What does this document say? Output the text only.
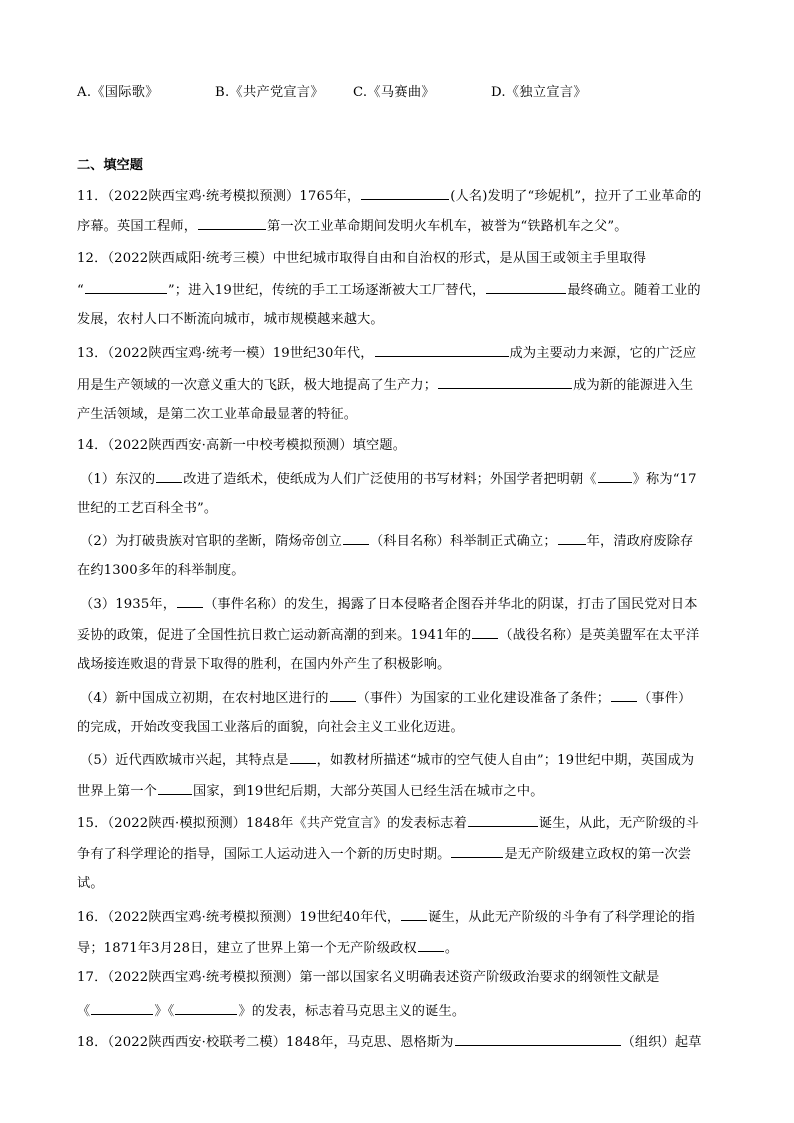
A.《国际歌》	B.《共产党宣言》 C.《马赛曲》	D.《独立宣言》
二、填空题
11．（2022陕西宝鸡·统考模拟预测）1765年，	(人名)发明了“珍妮机”，拉开了工业革命的
序幕。英国工程师，	第一次工业革命期间发明火车机车，被誉为“铁路机车之父”。
12．（2022陕西咸阳·统考三模）中世纪城市取得自由和自治权的形式，是从国王或领主手里取得
“	”；进入19世纪，传统的手工工场逐渐被大工厂替代，	最终确立。随着工业的
发展，农村人口不断流向城市，城市规模越来越大。
13．（2022陕西宝鸡·统考一模）19世纪30年代，	成为主要动力来源，它的广泛应
用是生产领域的一次意义重大的飞跃，极大地提高了生产力；	成为新的能源进入生
产生活领域，是第二次工业革命最显著的特征。
14．（2022陕西西安·高新一中校考模拟预测）填空题。
（1）东汉的 改进了造纸术，使纸成为人们广泛使用的书写材料；外国学者把明朝《	》称为“17
世纪的工艺百科全书”。
（2）为打破贵族对官职的垄断，隋炀帝创立 （科目名称）科举制正式确立； 年，清政府废除存
在约1300多年的科举制度。
（3）1935年， （事件名称）的发生，揭露了日本侵略者企图吞并华北的阴谋，打击了国民党对日本
妥协的政策，促进了全国性抗日救亡运动新高潮的到来。1941年的 （战役名称）是英美盟军在太平洋
战场接连败退的背景下取得的胜利，在国内外产生了积极影响。
（4）新中国成立初期，在农村地区进行的 （事件）为国家的工业化建设准备了条件； （事件）
的完成，开始改变我国工业落后的面貌，向社会主义工业化迈进。
（5）近代西欧城市兴起，其特点是 ，如教材所描述“城市的空气使人自由”；19世纪中期，英国成为
世界上第一个	国家，到19世纪后期，大部分英国人已经生活在城市之中。
15．（2022陕西·模拟预测）1848年《共产党宣言》的发表标志着	诞生，从此，无产阶级的斗
争有了科学理论的指导，国际工人运动进入一个新的历史时期。	是无产阶级建立政权的第一次尝
试。
16．（2022陕西宝鸡·统考模拟预测）19世纪40年代， 诞生，从此无产阶级的斗争有了科学理论的指
导；1871年3月28日，建立了世界上第一个无产阶级政权 。
17．（2022陕西宝鸡·统考模拟预测）第一部以国家名义明确表述资产阶级政治要求的纲领性文献是
《	》《	》的发表，标志着马克思主义的诞生。
18．（2022陕西西安·校联考二模）1848年，马克思、恩格斯为	（组织）起草
